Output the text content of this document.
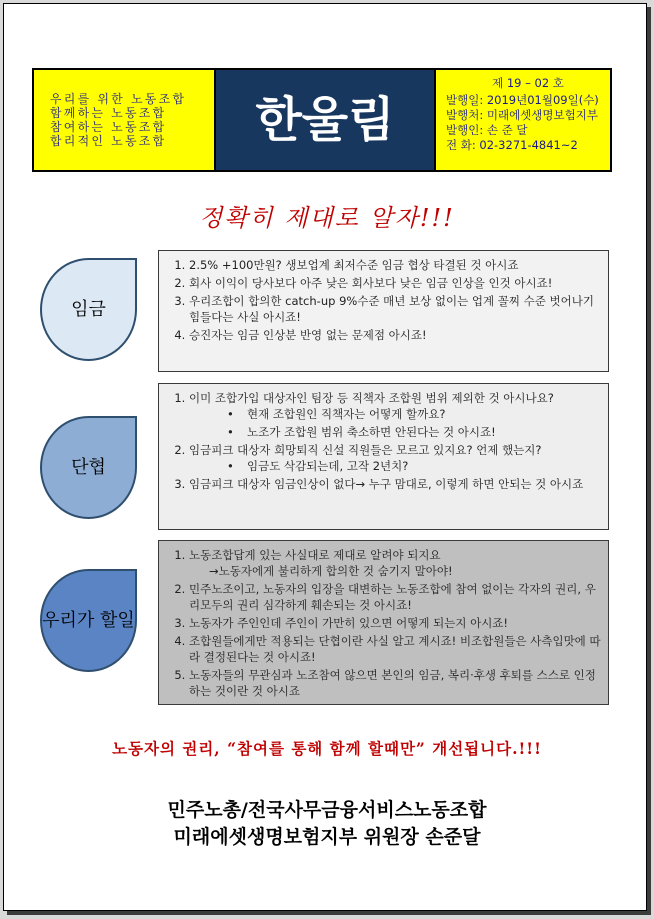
우리를 위한 노동조합
함께하는 노동조합
참여하는 노동조합
합리적인 노동조합	한울림
제 19 – 02 호
발행일: 2019년01월09일(수)
발행처: 미래에셋생명보험지부
발행인: 손 준 달
전 화: 02-3271-4841~2
정확히 제대로 알자!!!
임금
1. 2.5% +100만원? 생보업계 최저수준 임금 협상 타결된 것 아시죠
2. 회사 이익이 당사보다 아주 낮은 회사보다 낮은 임금 인상을 인것 아시죠!
3. 우리조합이 합의한 catch-up 9%수준 매년 보상 없이는 업계 꼴찌 수준 벗어나기 힘들다는 사실 아시죠!
4. 승진자는 임금 인상분 반영 없는 문제점 아시죠!
단협
1. 이미 조합가입 대상자인 팀장 등 직책자 조합원 범위 제외한 것 아시나요?
• 현재 조합원인 직책자는 어떻게 할까요?
• 노조가 조합원 범위 축소하면 안된다는 것 아시죠!
2. 임금피크 대상자 희망퇴직 신설 직원들은 모르고 있지요? 언제 했는지?
• 임금도 삭감되는데, 고작 2년치?
3. 임금피크 대상자 임금인상이 없다→ 누구 맘대로, 이렇게 하면 안되는 것 아시죠
우리가 할일
1. 노동조합답게 있는 사실대로 제대로 알려야 되지요
→노동자에게 불리하게 합의한 것 숨기지 말아야!
2. 민주노조이고, 노동자의 입장을 대변하는 노동조합에 참여 없이는 각자의 권리, 우리모두의 권리 심각하게 훼손되는 것 아시죠!
3. 노동자가 주인인데 주인이 가만히 있으면 어떻게 되는지 아시죠!
4. 조합원들에게만 적용되는 단협이란 사실 알고 계시죠! 비조합원들은 사측입맛에 따라 결정된다는 것 아시죠!
5. 노동자들의 무관심과 노조참여 않으면 본인의 임금, 복리·후생 후퇴를 스스로 인정하는 것이란 것 아시죠
노동자의 권리, “참여를 통해 함께 할때만” 개선됩니다.!!!
민주노총/전국사무금융서비스노동조합
미래에셋생명보험지부 위원장 손준달
